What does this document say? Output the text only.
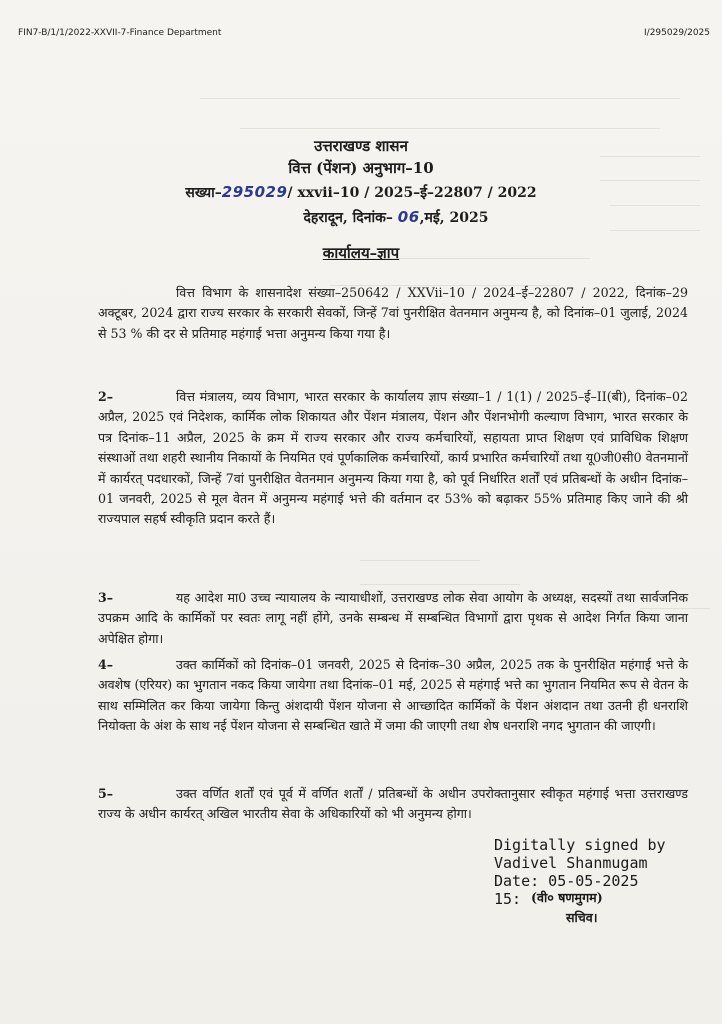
FIN7-B/1/1/2022-XXVII-7-Finance Department	I/295029/2025

उत्तराखण्ड शासन

वित्त (पेंशन) अनुभाग–10

सख्या–295029/ xxvii–10 / 2025–ई–22807 / 2022

देहरादून, दिनांक– 06,मई, 2025

कार्यालय–ज्ञाप
वित्त विभाग के शासनादेश संख्या–250642 / XXVii–10 / 2024–ई–22807 / 2022, दिनांक–29 अक्टूबर, 2024 द्वारा राज्य सरकार के सरकारी सेवकों, जिन्हें 7वां पुनरीक्षित वेतनमान अनुमन्य है, को दिनांक–01 जुलाई, 2024 से 53 % की दर से प्रतिमाह महंगाई भत्ता अनुमन्य किया गया है।
2–	वित्त मंत्रालय, व्यय विभाग, भारत सरकार के कार्यालय ज्ञाप संख्या–1 / 1(1) / 2025–ई–II(बी), दिनांक–02 अप्रैल, 2025 एवं निदेशक, कार्मिक लोक शिकायत और पेंशन मंत्रालय, पेंशन और पेंशनभोगी कल्याण विभाग, भारत सरकार के पत्र दिनांक–11 अप्रैल, 2025 के क्रम में राज्य सरकार और राज्य कर्मचारियों, सहायता प्राप्त शिक्षण एवं प्राविधिक शिक्षण संस्थाओं तथा शहरी स्थानीय निकायों के नियमित एवं पूर्णकालिक कर्मचारियों, कार्य प्रभारित कर्मचारियों तथा यू0जी0सी0 वेतनमानों में कार्यरत् पदधारकों, जिन्हें 7वां पुनरीक्षित वेतनमान अनुमन्य किया गया है, को पूर्व निर्धारित शर्तों एवं प्रतिबन्धों के अधीन दिनांक–01 जनवरी, 2025 से मूल वेतन में अनुमन्य महंगाई भत्ते की वर्तमान दर 53% को बढ़ाकर 55% प्रतिमाह किए जाने की श्री राज्यपाल सहर्ष स्वीकृति प्रदान करते हैं।
3–	यह आदेश मा0 उच्च न्यायालय के न्यायाधीशों, उत्तराखण्ड लोक सेवा आयोग के अध्यक्ष, सदस्यों तथा सार्वजनिक उपक्रम आदि के कार्मिकों पर स्वतः लागू नहीं होंगे, उनके सम्बन्ध में सम्बन्धित विभागों द्वारा पृथक से आदेश निर्गत किया जाना अपेक्षित होगा।
4–	उक्त कार्मिकों को दिनांक–01 जनवरी, 2025 से दिनांक–30 अप्रैल, 2025 तक के पुनरीक्षित महंगाई भत्ते के अवशेष (एरियर) का भुगतान नकद किया जायेगा तथा दिनांक–01 मई, 2025 से महंगाई भत्ते का भुगतान नियमित रूप से वेतन के साथ सम्मिलित कर किया जायेगा किन्तु अंशदायी पेंशन योजना से आच्छादित कार्मिकों के पेंशन अंशदान तथा उतनी ही धनराशि नियोक्ता के अंश के साथ नई पेंशन योजना से सम्बन्धित खाते में जमा की जाएगी तथा शेष धनराशि नगद भुगतान की जाएगी।
5–	उक्त वर्णित शर्तों एवं पूर्व में वर्णित शर्तों / प्रतिबन्धों के अधीन उपरोक्तानुसार स्वीकृत महंगाई भत्ता उत्तराखण्ड राज्य के अधीन कार्यरत् अखिल भारतीय सेवा के अधिकारियों को भी अनुमन्य होगा।
Digitally signed by
Vadivel Shanmugam
Date: 05-05-2025
15: (वी० षणमुगम)
सचिव।
